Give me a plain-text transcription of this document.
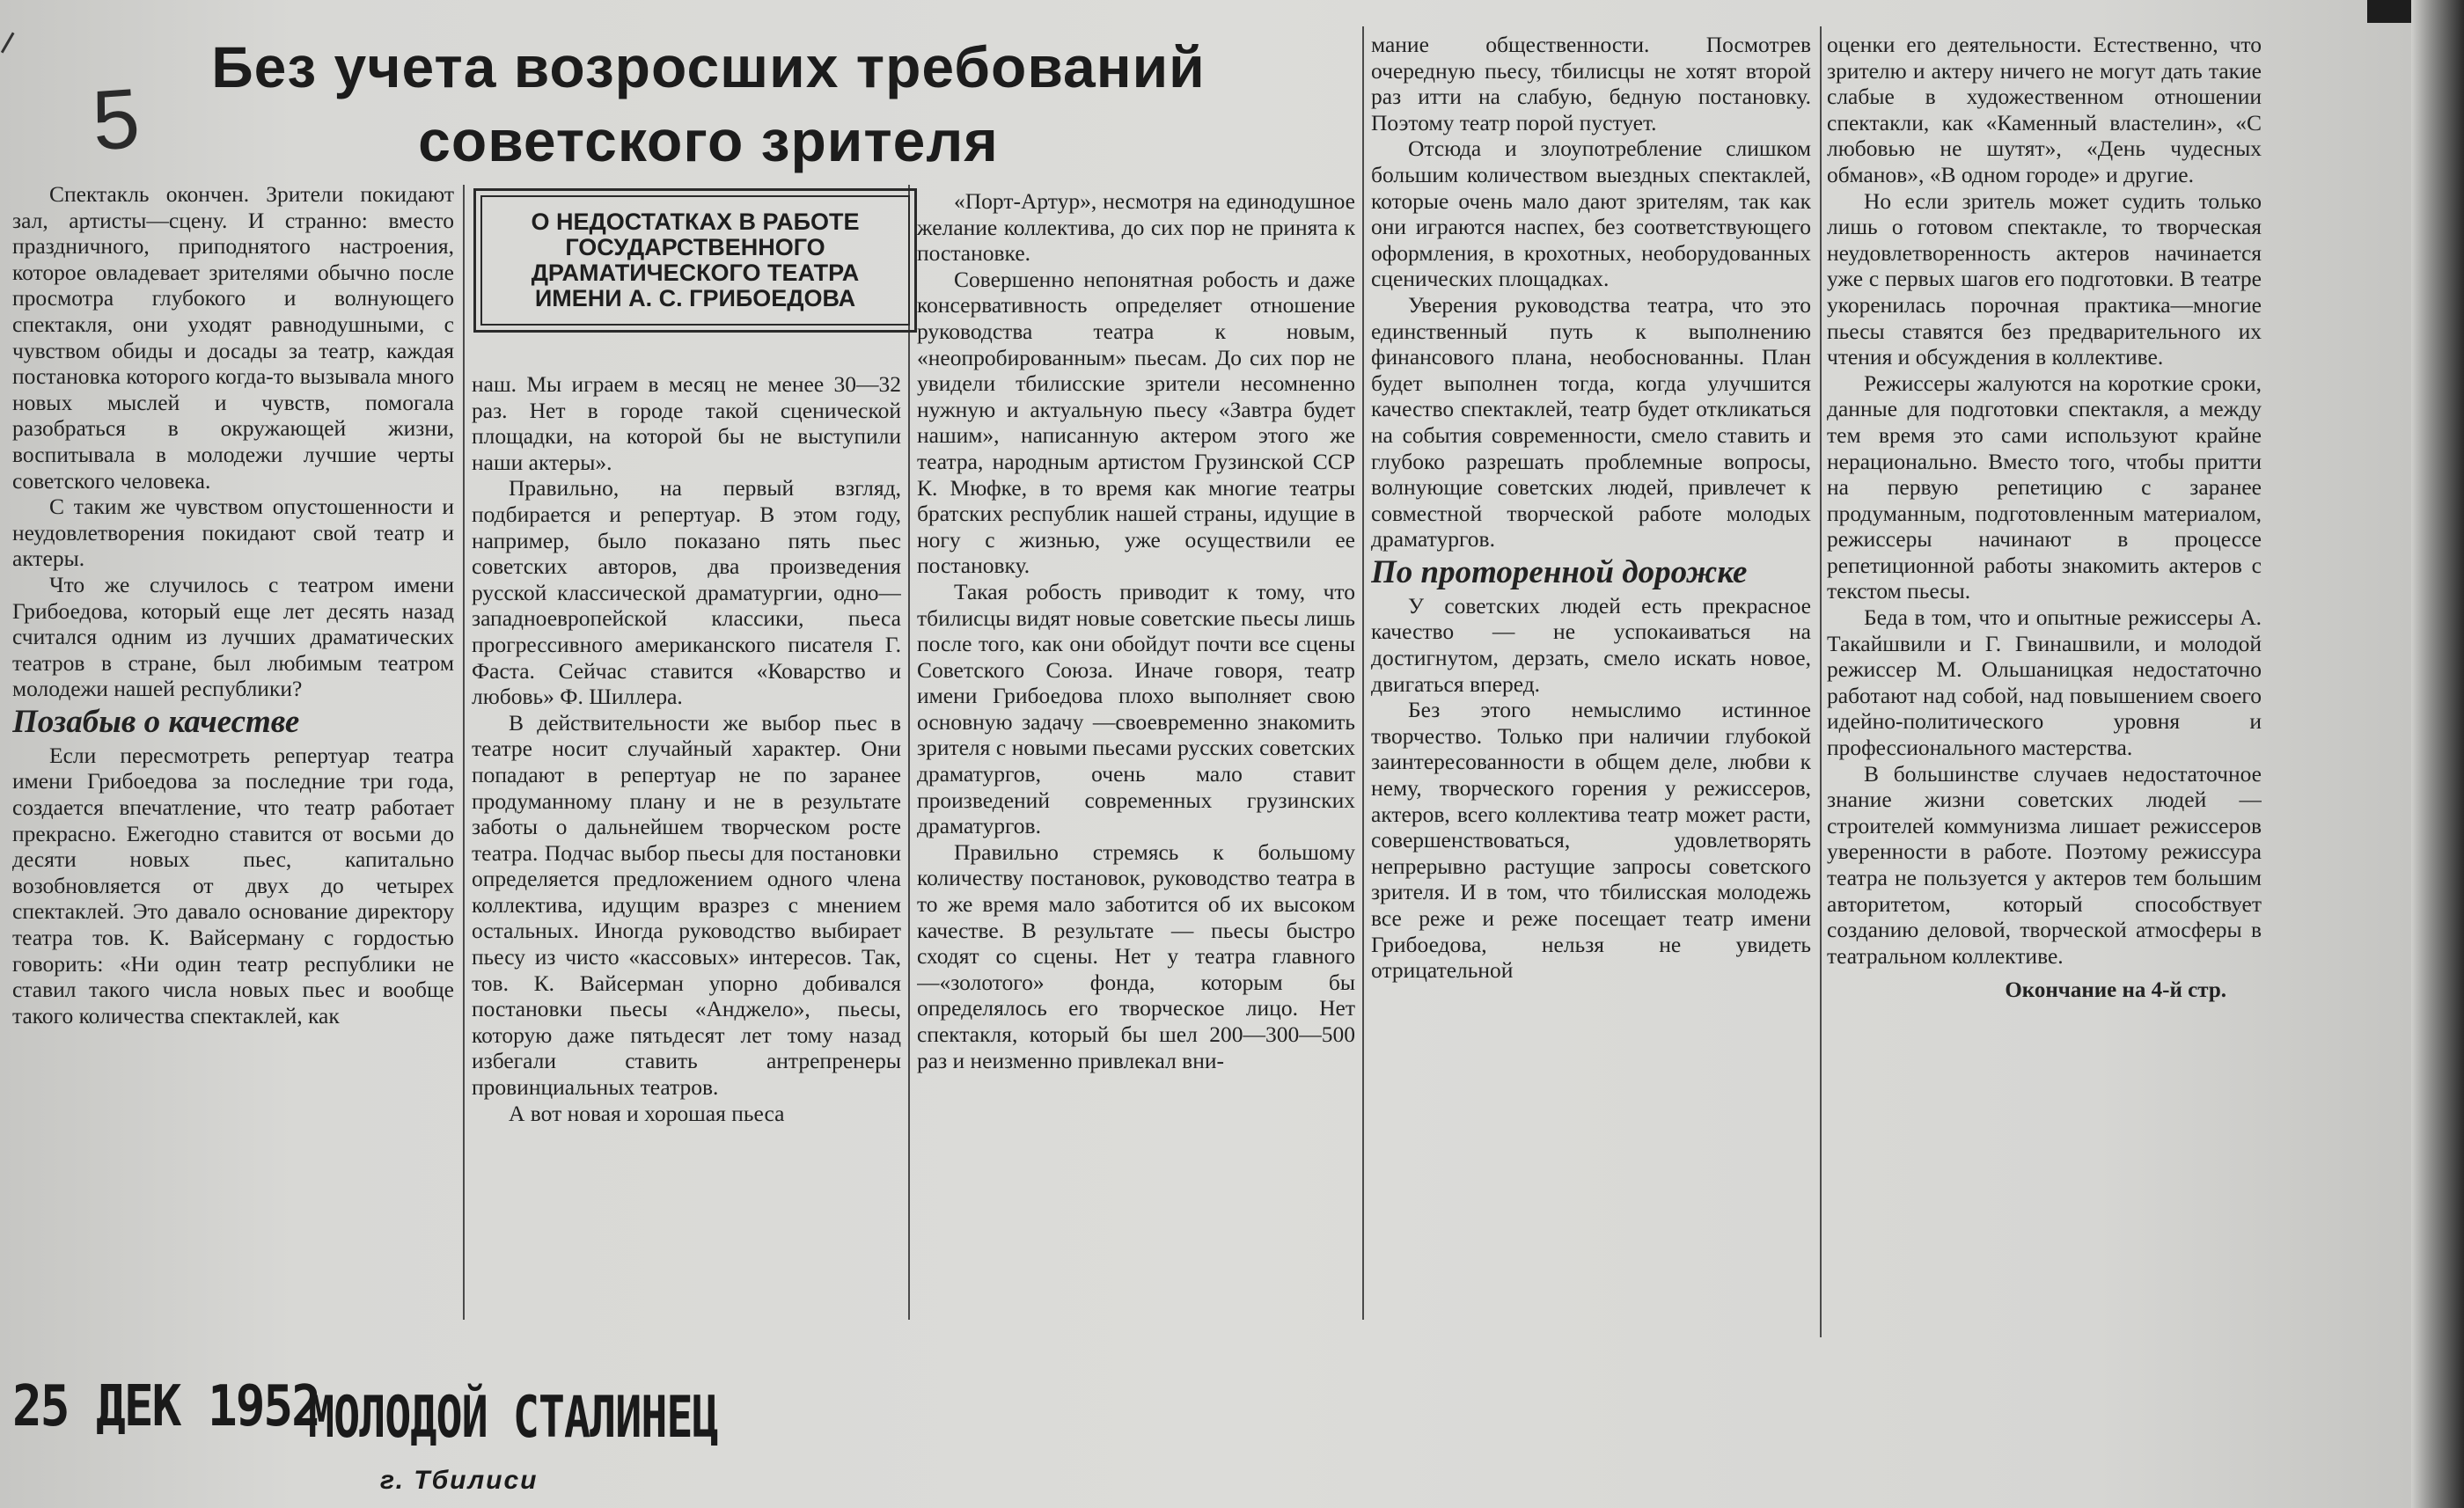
5
Без учета возросших требований
советского зрителя

Спектакль окончен. Зрители покидают зал, артисты—сцену. И странно: вместо праздничного, приподнятого настроения, которое овладевает зрителями обычно после просмотра глубокого и волнующего спектакля, они уходят равнодушными, с чувством обиды и досады за театр, каждая постановка которого когда-то вызывала много новых мыслей и чувств, помогала разобраться в окружающей жизни, воспитывала в молодежи лучшие черты советского человека.

С таким же чувством опустошенности и неудовлетворения покидают свой театр и актеры.

Что же случилось с театром имени Грибоедова, который еще лет десять назад считался одним из лучших драматических театров в стране, был любимым театром молодежи нашей республики?

Позабыв о качестве

Если пересмотреть репертуар театра имени Грибоедова за последние три года, создается впечатление, что театр работает прекрасно. Ежегодно ставится от восьми до десяти новых пьес, капитально возобновляется от двух до четырех спектаклей. Это давало основание директору театра тов. К. Вайсерману с гордостью говорить: «Ни один театр республики не ставил такого числа новых пьес и вообще такого количества спектаклей, как

О НЕДОСТАТКАХ В РАБОТЕ ГОСУДАРСТВЕННОГО ДРАМАТИЧЕСКОГО ТЕАТРА ИМЕНИ А. С. ГРИБОЕДОВА

наш. Мы играем в месяц не менее 30—32 раз. Нет в городе такой сценической площадки, на которой бы не выступили наши актеры».

Правильно, на первый взгляд, подбирается и репертуар. В этом году, например, было показано пять пьес советских авторов, два произведения русской классической драматургии, одно—западноевропейской классики, пьеса прогрессивного американского писателя Г. Фаста. Сейчас ставится «Коварство и любовь» Ф. Шиллера.

В действительности же выбор пьес в театре носит случайный характер. Они попадают в репертуар не по заранее продуманному плану и не в результате заботы о дальнейшем творческом росте театра. Подчас выбор пьесы для постановки определяется предложением одного члена коллектива, идущим вразрез с мнением остальных. Иногда руководство выбирает пьесу из чисто «кассовых» интересов. Так, тов. К. Вайсерман упорно добивался постановки пьесы «Анджело», пьесы, которую даже пятьдесят лет тому назад избегали ставить антрепренеры провинциальных театров.

А вот новая и хорошая пьеса

«Порт-Артур», несмотря на единодушное желание коллектива, до сих пор не принята к постановке.

Совершенно непонятная робость и даже консервативность определяет отношение руководства театра к новым, «неопробированным» пьесам. До сих пор не увидели тбилисские зрители несомненно нужную и актуальную пьесу «Завтра будет нашим», написанную актером этого же театра, народным артистом Грузинской ССР К. Мюфке, в то время как многие театры братских республик нашей страны, идущие в ногу с жизнью, уже осуществили ее постановку.

Такая робость приводит к тому, что тбилисцы видят новые советские пьесы лишь после того, как они обойдут почти все сцены Советского Союза. Иначе говоря, театр имени Грибоедова плохо выполняет свою основную задачу —своевременно знакомить зрителя с новыми пьесами русских советских драматургов, очень мало ставит произведений современных грузинских драматургов.

Правильно стремясь к большому количеству постановок, руководство театра в то же время мало заботится об их высоком качестве. В результате — пьесы быстро сходят со сцены. Нет у театра главного—«золотого» фонда, которым бы определялось его творческое лицо. Нет спектакля, который бы шел 200—300—500 раз и неизменно привлекал вни-

мание общественности. Посмотрев очередную пьесу, тбилисцы не хотят второй раз итти на слабую, бедную постановку. Поэтому театр порой пустует.

Отсюда и злоупотребление слишком большим количеством выездных спектаклей, которые очень мало дают зрителям, так как они играются наспех, без соответствующего оформления, в крохотных, необорудованных сценических площадках.

Уверения руководства театра, что это единственный путь к выполнению финансового плана, необоснованны. План будет выполнен тогда, когда улучшится качество спектаклей, театр будет откликаться на события современности, смело ставить и глубоко разрешать проблемные вопросы, волнующие советских людей, привлечет к совместной творческой работе молодых драматургов.

По проторенной дорожке

У советских людей есть прекрасное качество — не успокаиваться на достигнутом, дерзать, смело искать новое, двигаться вперед.

Без этого немыслимо истинное творчество. Только при наличии глубокой заинтересованности в общем деле, любви к нему, творческого горения у режиссеров, актеров, всего коллектива театр может расти, совершенствоваться, удовлетворять непрерывно растущие запросы советского зрителя. И в том, что тбилисская молодежь все реже и реже посещает театр имени Грибоедова, нельзя не увидеть отрицательной

оценки его деятельности. Естественно, что зрителю и актеру ничего не могут дать такие слабые в художественном отношении спектакли, как «Каменный властелин», «С любовью не шутят», «День чудесных обманов», «В одном городе» и другие.

Но если зритель может судить только лишь о готовом спектакле, то творческая неудовлетворенность актеров начинается уже с первых шагов его подготовки. В театре укоренилась порочная практика—многие пьесы ставятся без предварительного их чтения и обсуждения в коллективе.

Режиссеры жалуются на короткие сроки, данные для подготовки спектакля, а между тем время это сами используют крайне нерационально. Вместо того, чтобы притти на первую репетицию с заранее продуманным, подготовленным материалом, режиссеры начинают в процессе репетиционной работы знакомить актеров с текстом пьесы.

Беда в том, что и опытные режиссеры А. Такайшвили и Г. Гвинашвили, и молодой режиссер М. Ольшаницкая недостаточно работают над собой, над повышением своего идейно-политического уровня и профессионального мастерства.

В большинстве случаев недостаточное знание жизни советских людей — строителей коммунизма лишает режиссеров уверенности в работе. Поэтому режиссура театра не пользуется у актеров тем большим авторитетом, который способствует созданию деловой, творческой атмосферы в театральном коллективе.

Окончание на 4-й стр.

25 ДЕК 1952
МОЛОДОЙ СТАЛИНЕЦ
г. Тбилиси
